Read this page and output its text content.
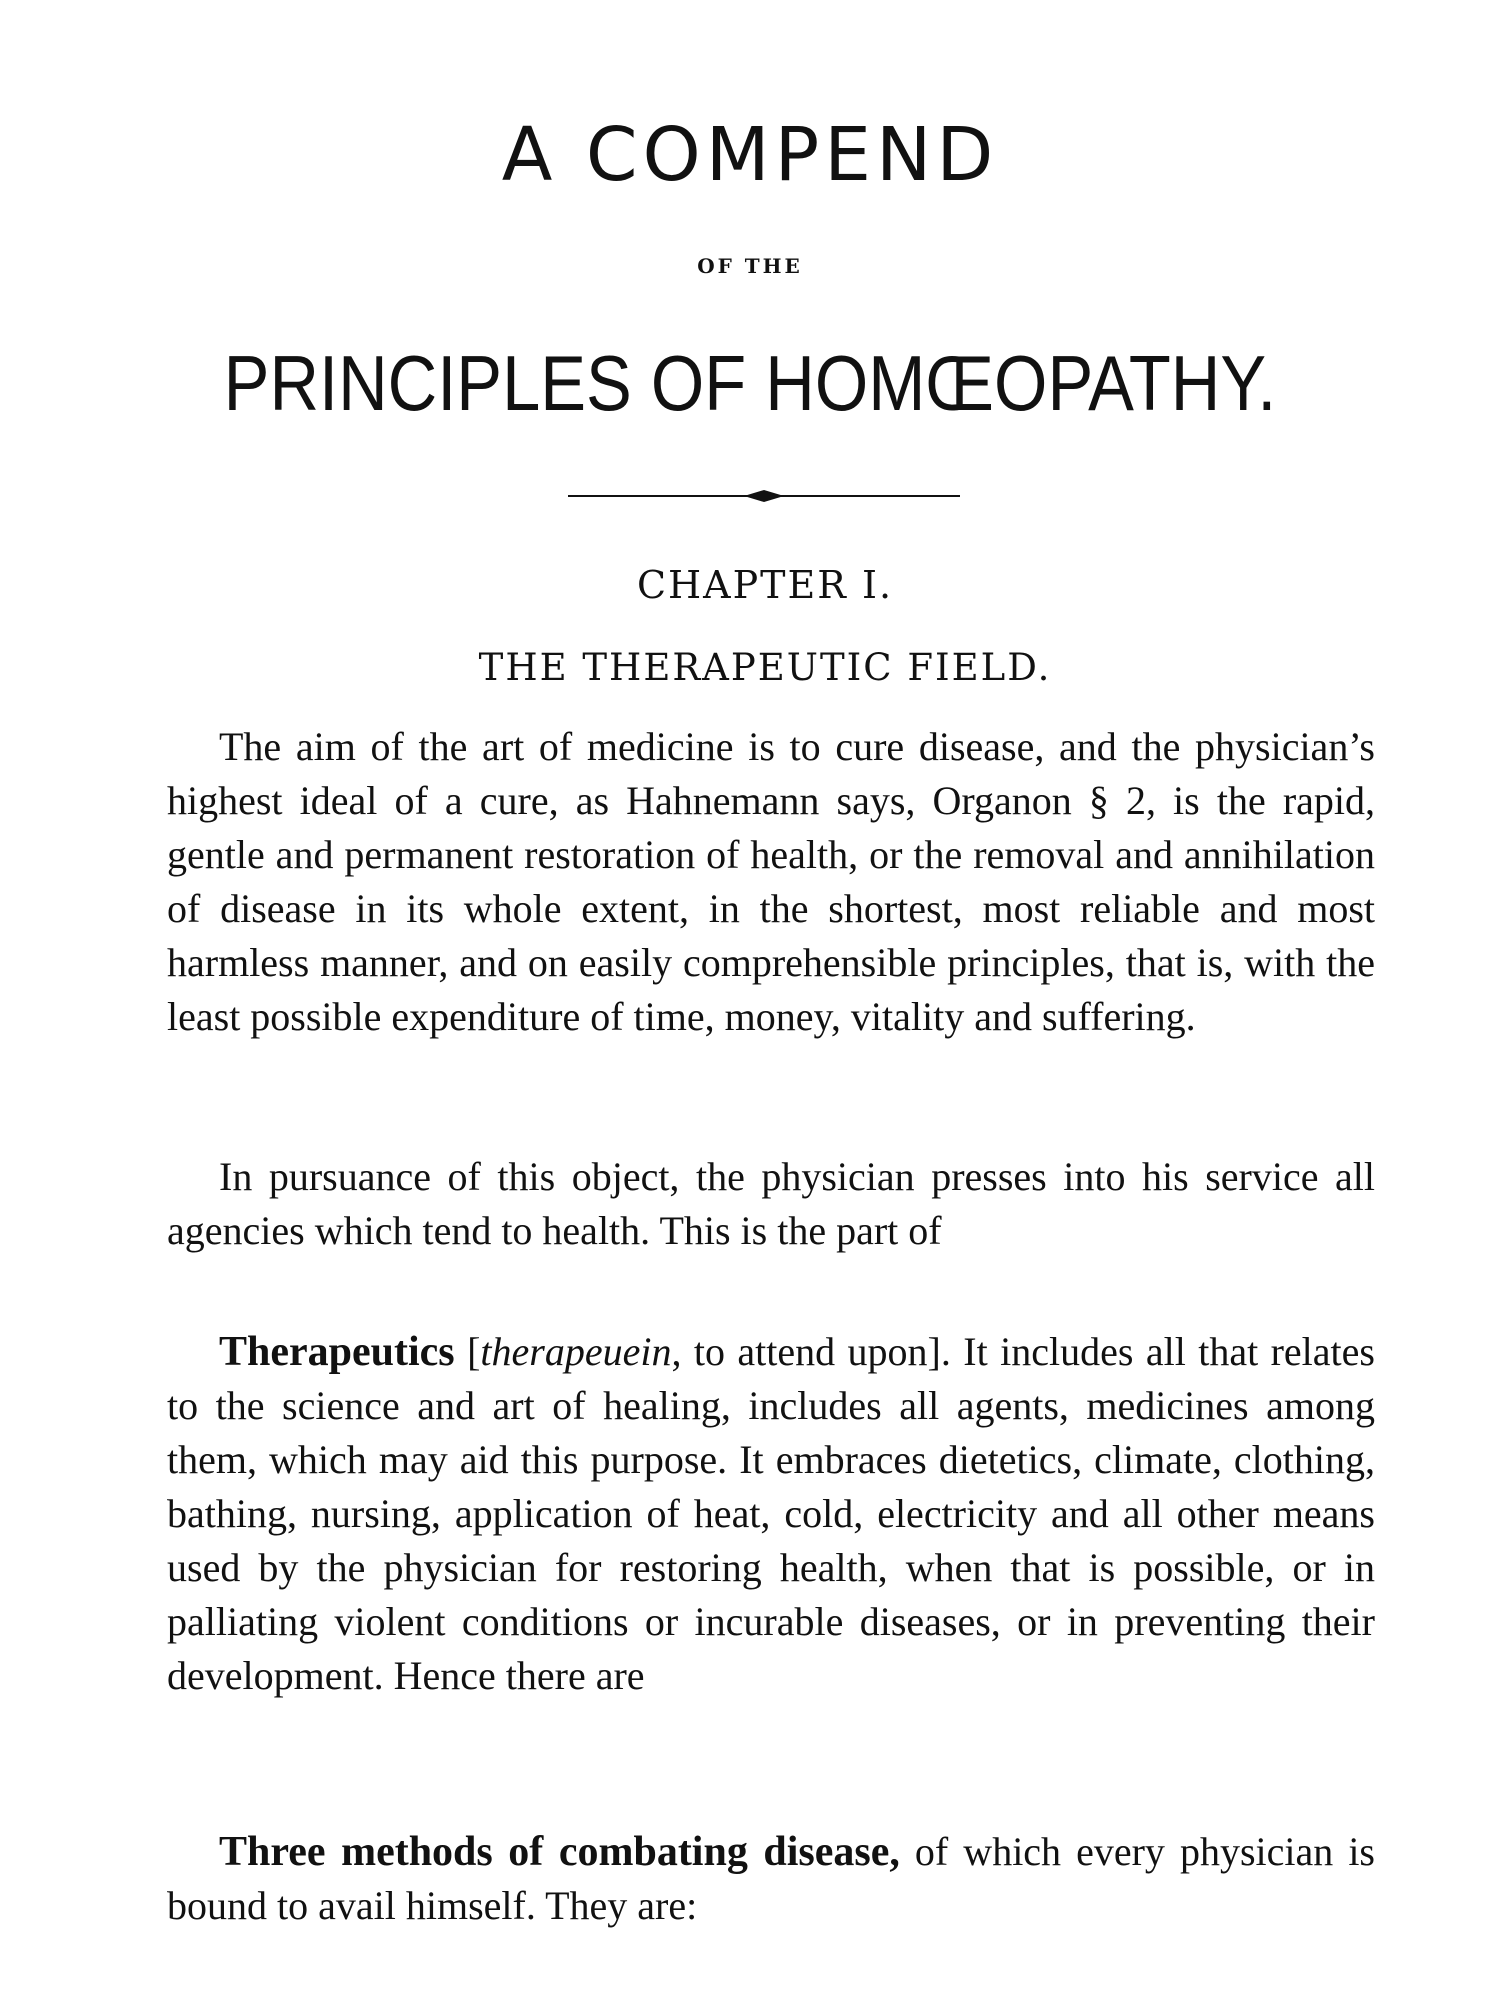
A COMPEND
OF THE
PRINCIPLES OF HOMŒOPATHY.
CHAPTER I.
THE THERAPEUTIC FIELD.

The aim of the art of medicine is to cure disease, and the physician’s highest ideal of a cure, as Hahnemann says, Organon § 2, is the rapid, gentle and permanent restoration of health, or the removal and annihilation of disease in its whole extent, in the shortest, most reliable and most harmless manner, and on easily comprehensible principles, that is, with the least possible expenditure of time, money, vitality and suffering.

In pursuance of this object, the physician presses into his service all agencies which tend to health. This is the part of

Therapeutics [therapeuein, to attend upon]. It includes all that relates to the science and art of healing, includes all agents, medicines among them, which may aid this purpose. It embraces dietetics, climate, clothing, bathing, nursing, application of heat, cold, electricity and all other means used by the physician for restoring health, when that is possible, or in palliating violent conditions or incurable diseases, or in preventing their development. Hence there are

Three methods of combating disease, of which every physician is bound to avail himself. They are:
